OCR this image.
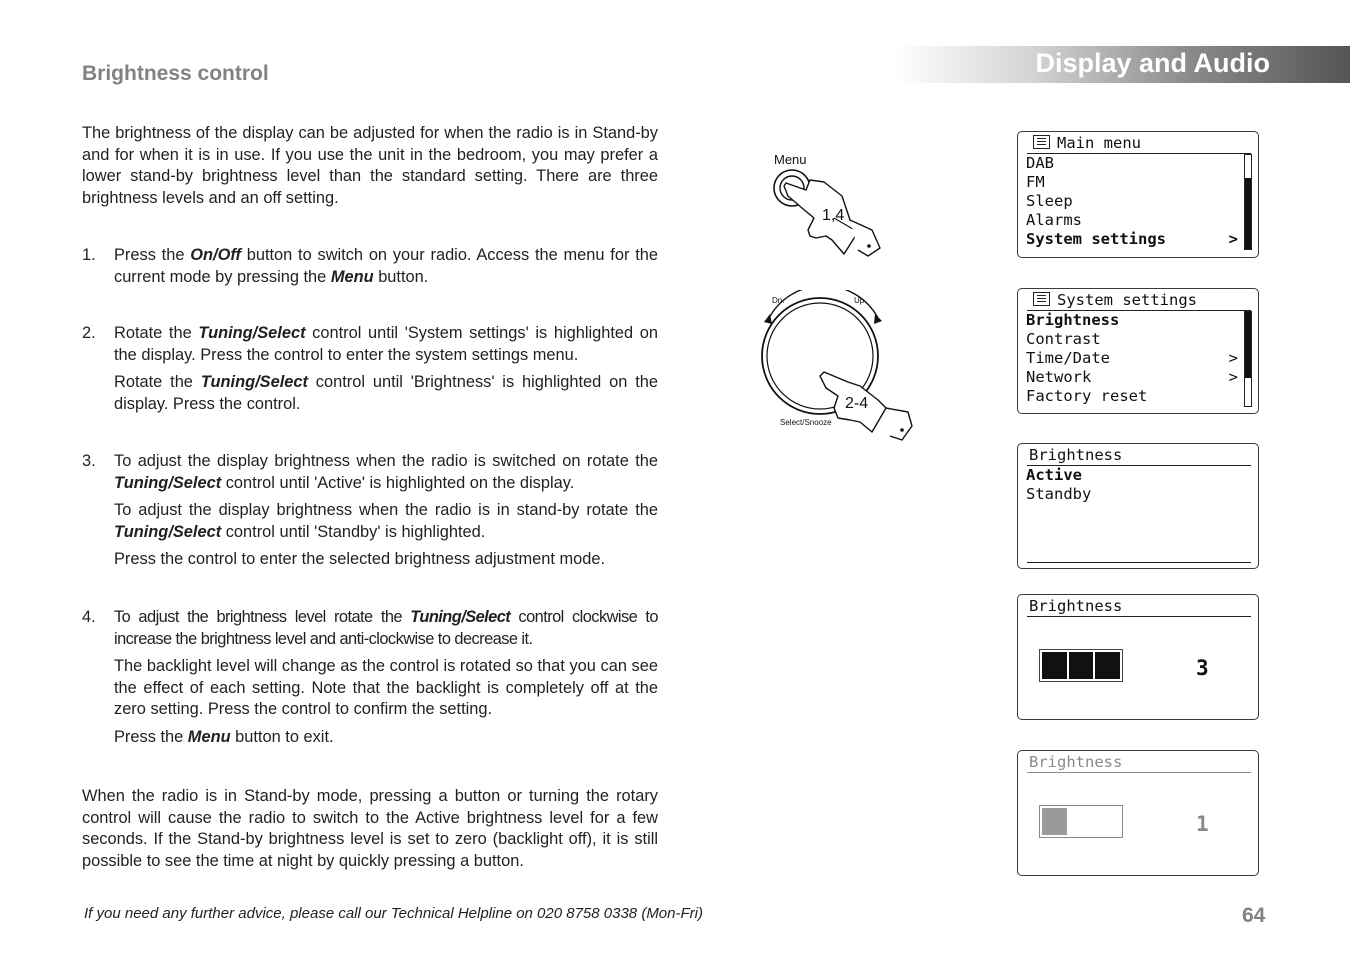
Display and Audio
Brightness control

The brightness of the display can be adjusted for when the radio is in Stand-by and for when it is in use. If you use the unit in the bedroom, you may prefer a lower stand-by brightness level than the standard setting. There are three brightness levels and an off setting.

1. Press the On/Off button to switch on your radio. Access the menu for the current mode by pressing the Menu button.

2. Rotate the Tuning/Select control until 'System settings' is highlighted on the display. Press the control to enter the system settings menu.

Rotate the Tuning/Select control until 'Brightness' is highlighted on the display. Press the control.

3. To adjust the display brightness when the radio is switched on rotate the Tuning/Select control until 'Active' is highlighted on the display.

To adjust the display brightness when the radio is in stand-by rotate the Tuning/Select control until 'Standby' is highlighted.

Press the control to enter the selected brightness adjustment mode.

4. To adjust the brightness level rotate the Tuning/Select control clockwise to increase the brightness level and anti-clockwise to decrease it.

The backlight level will change as the control is rotated so that you can see the effect of each setting. Note that the backlight is completely off at the zero setting. Press the control to confirm the setting.

Press the Menu button to exit.

When the radio is in Stand-by mode, pressing a button or turning the rotary control will cause the radio to switch to the Active brightness level for a few seconds. If the Stand-by brightness level is set to zero (backlight off), it is still possible to see the time at night by quickly pressing a button.

If you need any further advice, please call our Technical Helpline on 020 8758 0338 (Mon-Fri)	64
Menu
1,4
Dn.	Up
Select/Snooze
2-4
Main menu
DAB
FM
Sleep
Alarms
System settings	>
System settings
Brightness
Contrast
Time/Date	>
Network	>
Factory reset
Brightness
Active
Standby
Brightness
3
Brightness
1
